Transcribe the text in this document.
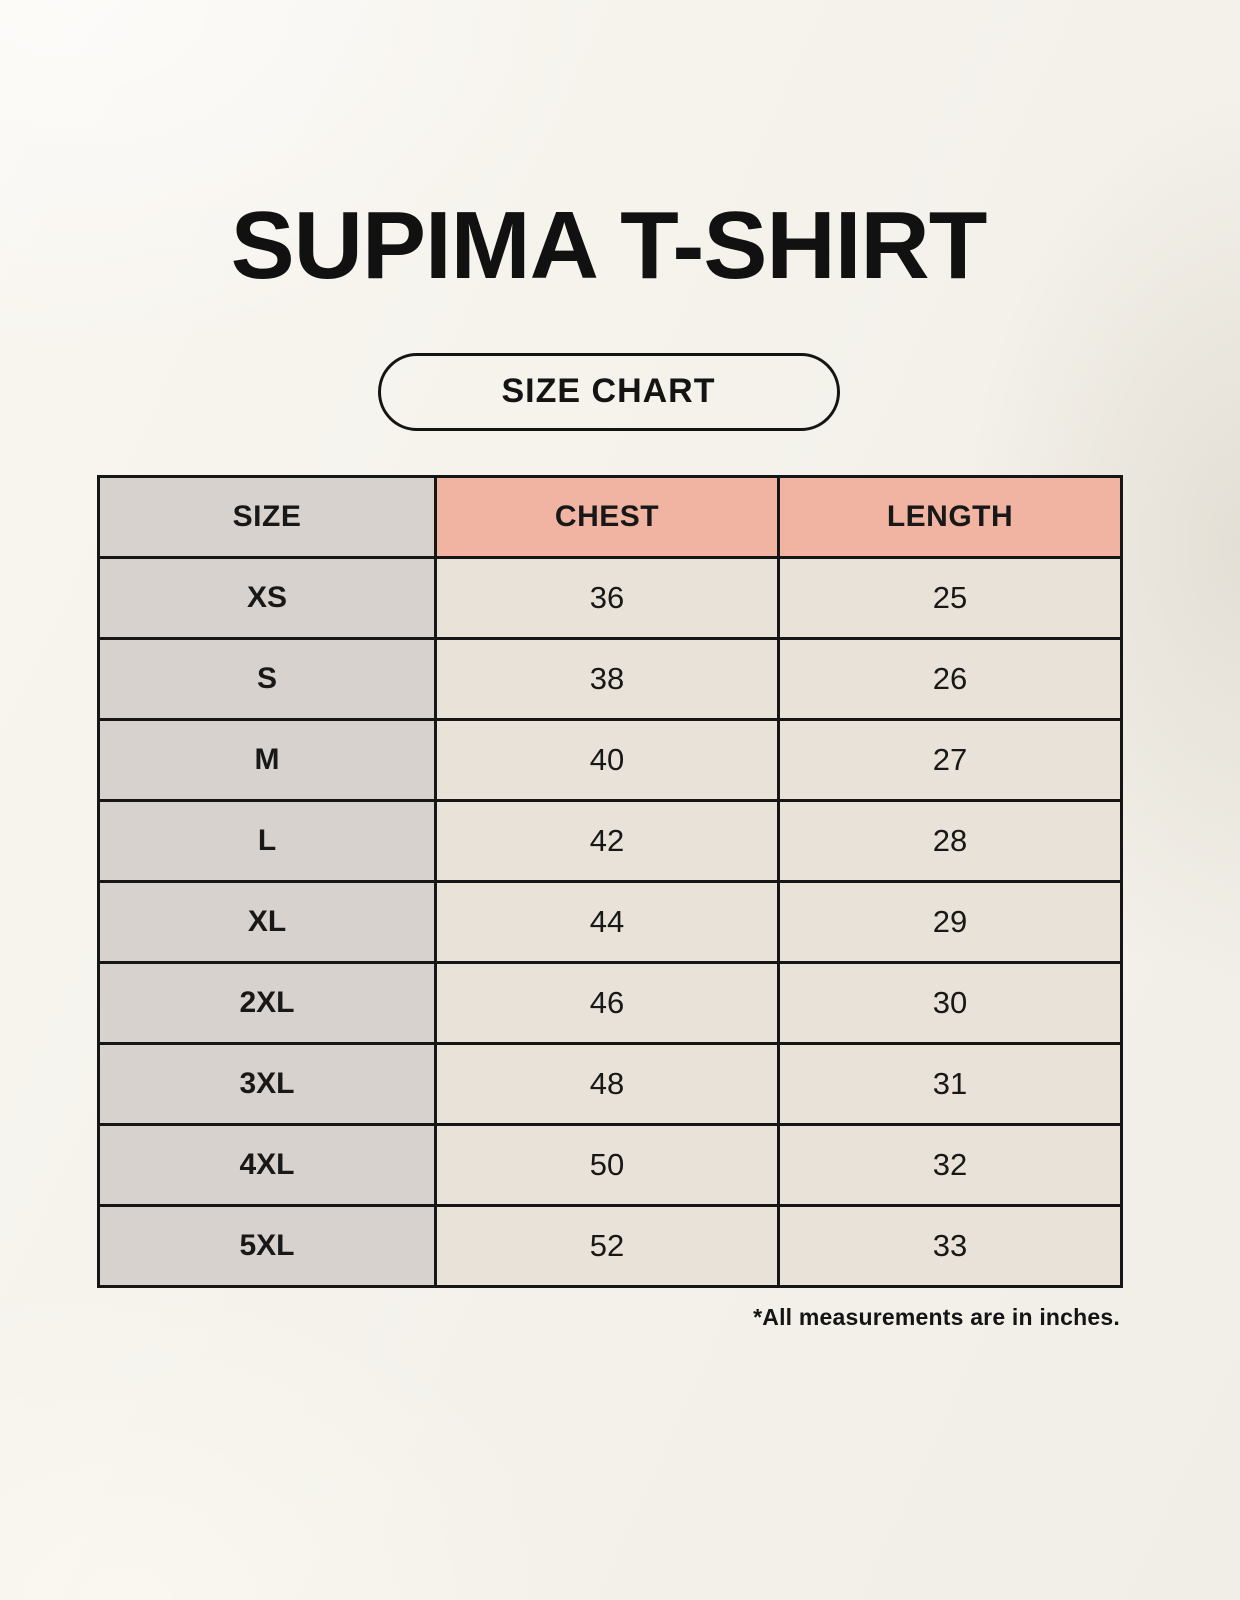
SUPIMA T-SHIRT
SIZE CHART
SIZE	CHEST	LENGTH
XS	36	25
S	38	26
M	40	27
L	42	28
XL	44	29
2XL	46	30
3XL	48	31
4XL	50	32
5XL	52	33

*All measurements are in inches.
